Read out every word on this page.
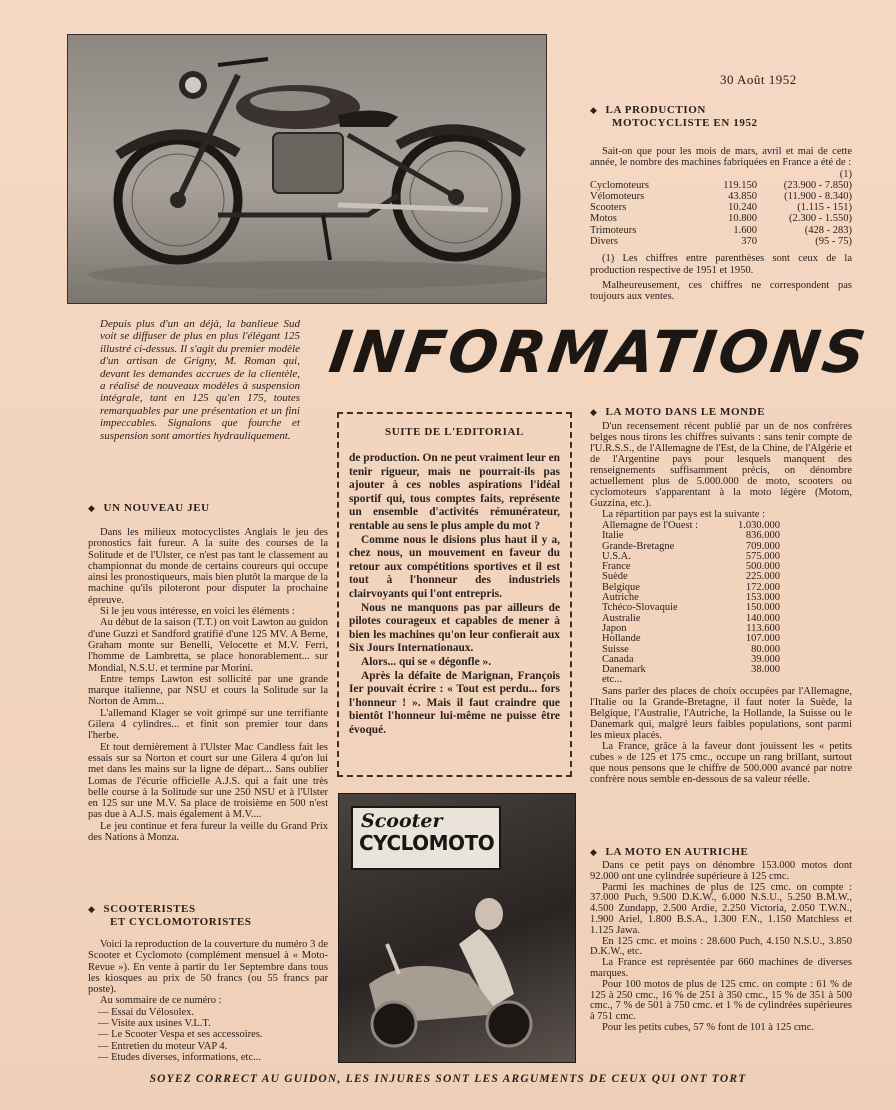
30 Août 1952

◆ LA PRODUCTION

MOTOCYCLISTE EN 1952

Sait-on que pour les mois de mars, avril et mai de cette année, le nombre des machines fabriquées en France a été de :

(1)
Cyclomoteurs	119.150	(23.900 - 7.850)
Vélomoteurs	43.850	(11.900 - 8.340)
Scooters	10.240	(1.115 - 151)
Motos	10.800	(2.300 - 1.550)
Trimoteurs	1.600	(428 - 283)
Divers	370	(95 - 75)

(1) Les chiffres entre parenthèses sont ceux de la production respective de 1951 et 1950.

Malheureusement, ces chiffres ne correspondent pas toujours aux ventes.

Depuis plus d'un an déjà, la banlieue Sud voit se diffuser de plus en plus l'élégant 125 illustré ci-dessus. Il s'agit du premier modèle d'un artisan de Grigny, M. Roman qui, devant les demandes accrues de la clientèle, a réalisé de nouveaux modèles à suspension intégrale, tant en 125 qu'en 175, toutes remarquables par une présentation et un fini impeccables. Signalons que fourche et suspension sont amorties hydrauliquement.

INFORMATIONS

◆ UN NOUVEAU JEU

Dans les milieux motocyclistes Anglais le jeu des pronostics fait fureur. A la suite des courses de la Solitude et de l'Ulster, ce n'est pas tant le classement au championnat du monde de certains coureurs qui occupe ainsi les pronostiqueurs, mais bien plutôt la marque de la machine qu'ils piloteront pour disputer la prochaine épreuve.

Si le jeu vous intéresse, en voici les éléments :

Au début de la saison (T.T.) on voit Lawton au guidon d'une Guzzi et Sandford gratifié d'une 125 MV. A Berne, Graham monte sur Benelli, Velocette et M.V. Ferri, l'homme de Lambretta, se place honorablement... sur Mondial, N.S.U. et termine par Morini.

Entre temps Lawton est sollicité par une grande marque italienne, par NSU et cours la Solitude sur la Norton de Amm...

L'allemand Klager se voit grimpé sur une terrifiante Gilera 4 cylindres... et finit son premier tour dans l'herbe.

Et tout dernièrement à l'Ulster Mac Candless fait les essais sur sa Norton et court sur une Gilera 4 qu'on lui met dans les mains sur la ligne de départ... Sans oublier Lomas de l'écurie officielle A.J.S. qui a fait une très belle course à la Solitude sur une 250 NSU et à l'Ulster en 125 sur une M.V. Sa place de troisième en 500 n'est pas due à A.J.S. mais également à M.V....

Le jeu continue et fera fureur la veille du Grand Prix des Nations à Monza.

◆ SCOOTERISTES

ET CYCLOMOTORISTES

Voici la reproduction de la couverture du numéro 3 de Scooter et Cyclomoto (complément mensuel à « Moto-Revue »). En vente à partir du 1er Septembre dans tous les kiosques au prix de 50 francs (ou 55 francs par poste).

Au sommaire de ce numéro :

— Essai du Vélosolex.
— Visite aux usines V.L.T.
— Le Scooter Vespa et ses accessoires.
— Entretien du moteur VAP 4.
— Etudes diverses, informations, etc...
SUITE DE L'EDITORIAL

de production. On ne peut vraiment leur en tenir rigueur, mais ne pourrait-ils pas ajouter à ces nobles aspirations l'idéal sportif qui, tous comptes faits, représente un ensemble d'activités rémunérateur, rentable au sens le plus ample du mot ?

Comme nous le disions plus haut il y a, chez nous, un mouvement en faveur du retour aux compétitions sportives et il est tout à l'honneur des industriels clairvoyants qui l'ont entrepris.

Nous ne manquons pas par ailleurs de pilotes courageux et capables de mener à bien les machines qu'on leur confierait aux Six Jours Internationaux.

Alors... qui se « dégonfle ».

Après la défaite de Marignan, François Ier pouvait écrire : « Tout est perdu... fors l'honneur ! ». Mais il faut craindre que bientôt l'honneur lui-même ne puisse être évoqué.

Scooter
CYCLOMOTO

◆ LA MOTO DANS LE MONDE

D'un recensement récent publié par un de nos confrères belges nous tirons les chiffres suivants : sans tenir compte de l'U.R.S.S., de l'Allemagne de l'Est, de la Chine, de l'Algérie et de l'Argentine pays pour lesquels manquent des renseignements suffisamment précis, on dénombre actuellement plus de 5.000.000 de moto, scooters ou cyclomoteurs s'apparentant à la moto légère (Motom, Guzzina, etc.).

La répartition par pays est la suivante :

Allemagne de l'Ouest :	1.030.000
Italie	836.000
Grande-Bretagne	709.000
U.S.A.	575.000
France	500.000
Suède	225.000
Belgique	172.000
Autriche	153.000
Tchéco-Slovaquie	150.000
Australie	140.000
Japon	113.600
Hollande	107.000
Suisse	80.000
Canada	39.000
Danemark	38.000
etc...

Sans parler des places de choix occupées par l'Allemagne, l'Italie ou la Grande-Bretagne, il faut noter la Suède, la Belgique, l'Australie, l'Autriche, la Hollande, la Suisse ou le Danemark qui, malgré leurs faibles populations, sont parmi les mieux placés.

La France, grâce à la faveur dont jouissent les « petits cubes » de 125 et 175 cmc., occupe un rang brillant, surtout que nous pensons que le chiffre de 500.000 avancé par notre confrère nous semble en-dessous de sa valeur réelle.

◆ LA MOTO EN AUTRICHE

Dans ce petit pays on dénombre 153.000 motos dont 92.000 ont une cylindrée supérieure à 125 cmc.

Parmi les machines de plus de 125 cmc. on compte : 37.000 Puch, 9.500 D.K.W., 6.000 N.S.U., 5.250 B.M.W., 4.500 Zundapp, 2.500 Ardie, 2.250 Victoria, 2.050 T.W.N., 1.900 Ariel, 1.800 B.S.A., 1.300 F.N., 1.150 Matchless et 1.125 Jawa.

En 125 cmc. et moins : 28.600 Puch, 4.150 N.S.U., 3.850 D.K.W., etc.

La France est représentée par 660 machines de diverses marques.

Pour 100 motos de plus de 125 cmc. on compte : 61 % de 125 à 250 cmc., 16 % de 251 à 350 cmc., 15 % de 351 à 500 cmc., 7 % de 501 à 750 cmc. et 1 % de cylindrées supérieures à 751 cmc.

Pour les petits cubes, 57 % font de 101 à 125 cmc.

SOYEZ CORRECT AU GUIDON, LES INJURES SONT LES ARGUMENTS DE CEUX QUI ONT TORT
